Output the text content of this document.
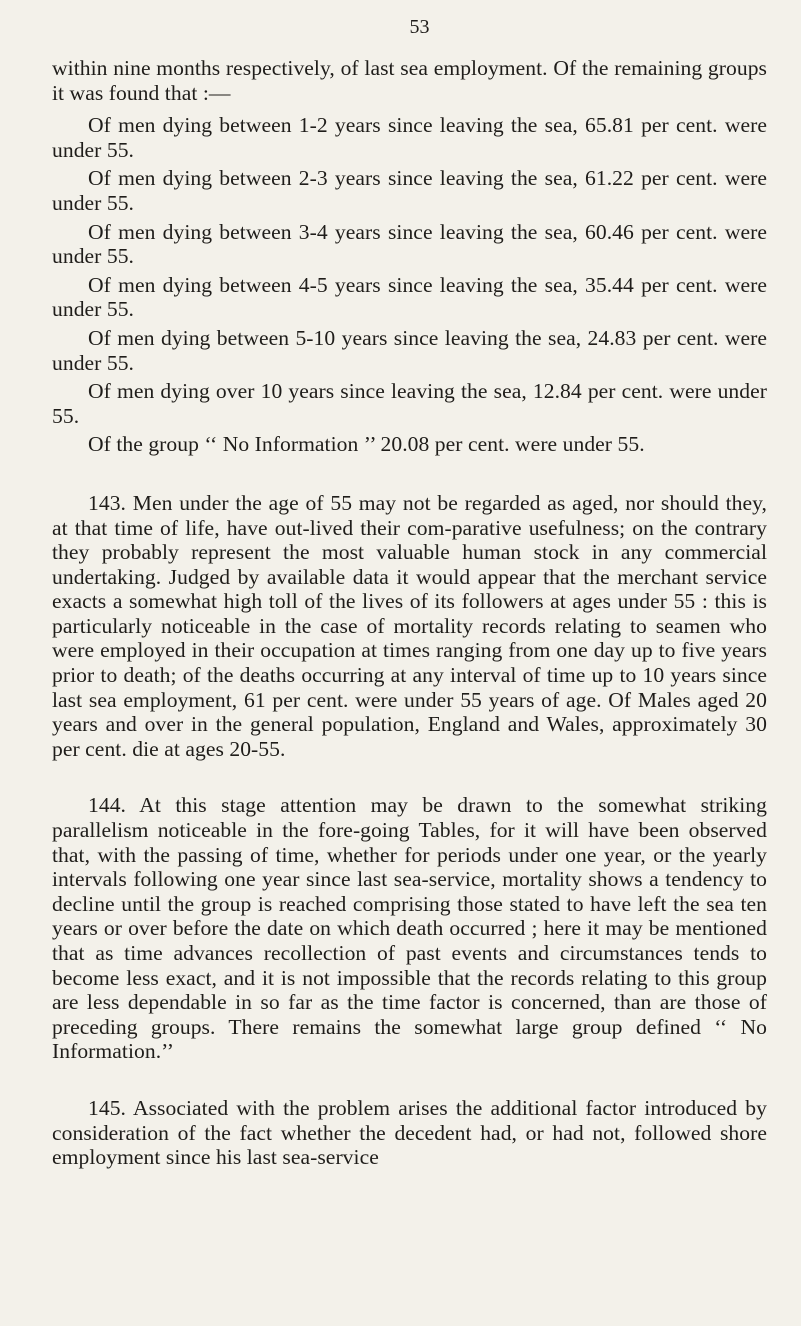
53

within nine months respectively, of last sea employment. Of the remaining groups it was found that :—

Of men dying between 1-2 years since leaving the sea, 65.81 per cent. were under 55.

Of men dying between 2-3 years since leaving the sea, 61.22 per cent. were under 55.

Of men dying between 3-4 years since leaving the sea, 60.46 per cent. were under 55.

Of men dying between 4-5 years since leaving the sea, 35.44 per cent. were under 55.

Of men dying between 5-10 years since leaving the sea, 24.83 per cent. were under 55.

Of men dying over 10 years since leaving the sea, 12.84 per cent. were under 55.

Of the group ‘‘ No Information ’’ 20.08 per cent. were under 55.

143. Men under the age of 55 may not be regarded as aged, nor should they, at that time of life, have out-lived their com-parative usefulness; on the contrary they probably represent the most valuable human stock in any commercial undertaking. Judged by available data it would appear that the merchant service exacts a somewhat high toll of the lives of its followers at ages under 55 : this is particularly noticeable in the case of mortality records relating to seamen who were employed in their occupation at times ranging from one day up to five years prior to death; of the deaths occurring at any interval of time up to 10 years since last sea employment, 61 per cent. were under 55 years of age. Of Males aged 20 years and over in the general population, England and Wales, approximately 30 per cent. die at ages 20-55.

144. At this stage attention may be drawn to the somewhat striking parallelism noticeable in the fore-going Tables, for it will have been observed that, with the passing of time, whether for periods under one year, or the yearly intervals following one year since last sea-service, mortality shows a tendency to decline until the group is reached comprising those stated to have left the sea ten years or over before the date on which death occurred ; here it may be mentioned that as time advances recollection of past events and circumstances tends to become less exact, and it is not impossible that the records relating to this group are less dependable in so far as the time factor is concerned, than are those of preceding groups. There remains the somewhat large group defined ‘‘ No Information.’’

145. Associated with the problem arises the additional factor introduced by consideration of the fact whether the decedent had, or had not, followed shore employment since his last sea-service
